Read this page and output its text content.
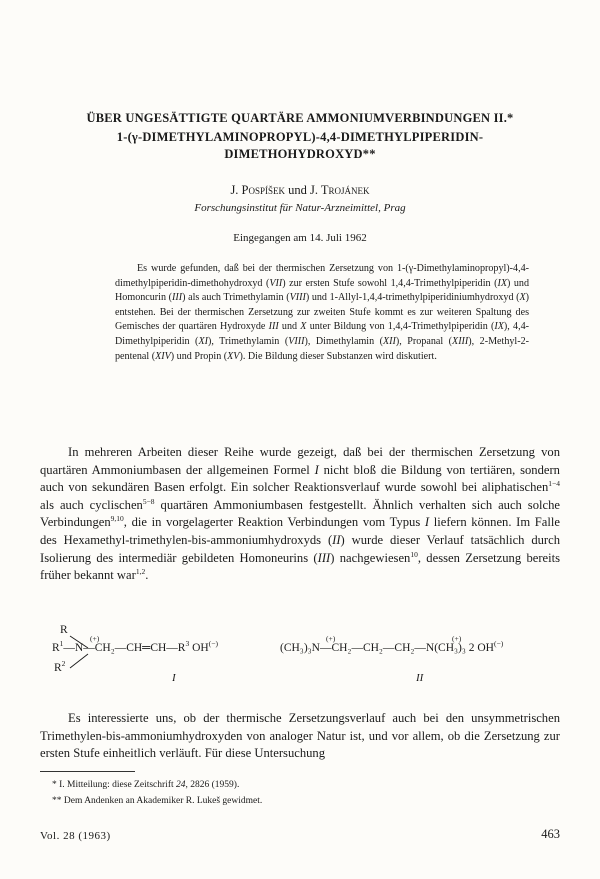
ÜBER UNGESÄTTIGTE QUARTÄRE AMMONIUMVERBINDUNGEN II.*
1-(γ-DIMETHYLAMINOPROPYL)-4,4-DIMETHYLPIPERIDIN-
DIMETHOHYDROXYD**
J. Pospíšek und J. Trojánek
Forschungsinstitut für Natur-Arzneimittel, Prag
Eingegangen am 14. Juli 1962
Es wurde gefunden, daß bei der thermischen Zersetzung von 1-(γ-Dimethylaminopropyl)-4,4-dimethylpiperidin-dimethohydroxyd (VII) zur ersten Stufe sowohl 1,4,4-Trimethylpiperidin (IX) und Homoncurin (III) als auch Trimethylamin (VIII) und 1-Allyl-1,4,4-trimethylpiperidiniumhydroxyd (X) entstehen. Bei der thermischen Zersetzung zur zweiten Stufe kommt es zur weiteren Spaltung des Gemisches der quartären Hydroxyde III und X unter Bildung von 1,4,4-Trimethylpiperidin (IX), 4,4-Dimethylpiperidin (XI), Trimethylamin (VIII), Dimethylamin (XII), Propanal (XIII), 2-Methyl-2-pentenal (XIV) und Propin (XV). Die Bildung dieser Substanzen wird diskutiert.
In mehreren Arbeiten dieser Reihe wurde gezeigt, daß bei der thermischen Zersetzung von quartären Ammoniumbasen der allgemeinen Formel I nicht bloß die Bildung von tertiären, sondern auch von sekundären Basen erfolgt. Ein solcher Reaktionsverlauf wurde sowohl bei aliphatischen$^{1-4}$ als auch cyclischen$^{5-8}$ quartären Ammoniumbasen festgestellt. Ähnlich verhalten sich auch solche Verbindungen$^{9,10}$, die in vorgelagerter Reaktion Verbindungen vom Typus I liefern können. Im Falle des Hexamethyl-trimethylen-bis-ammoniumhydroxyds (II) wurde dieser Verlauf tatsächlich durch Isolierung des intermediär gebildeten Homoneurins (III) nachgewiesen$^{10}$, dessen Zersetzung bereits früher bekannt war$^{1,2}$.
R
(+)
$R^1—N—CH_2—CH═CH—R^3$ OH(−)
$R^2$
I
(+)	(+)
(CH₃)₃N—CH₂—CH₂—CH₂—N(CH₃)₃ 2 OH(−)
II
Es interessierte uns, ob der thermische Zersetzungsverlauf auch bei den unsymmetrischen Trimethylen-bis-ammoniumhydroxyden von analoger Natur ist, und vor allem, ob die Zersetzung zur ersten Stufe einheitlich verläuft. Für diese Untersuchung
* I. Mitteilung: diese Zeitschrift 24, 2826 (1959).
** Dem Andenken an Akademiker R. Lukeš gewidmet.
Vol. 28 (1963)	463
